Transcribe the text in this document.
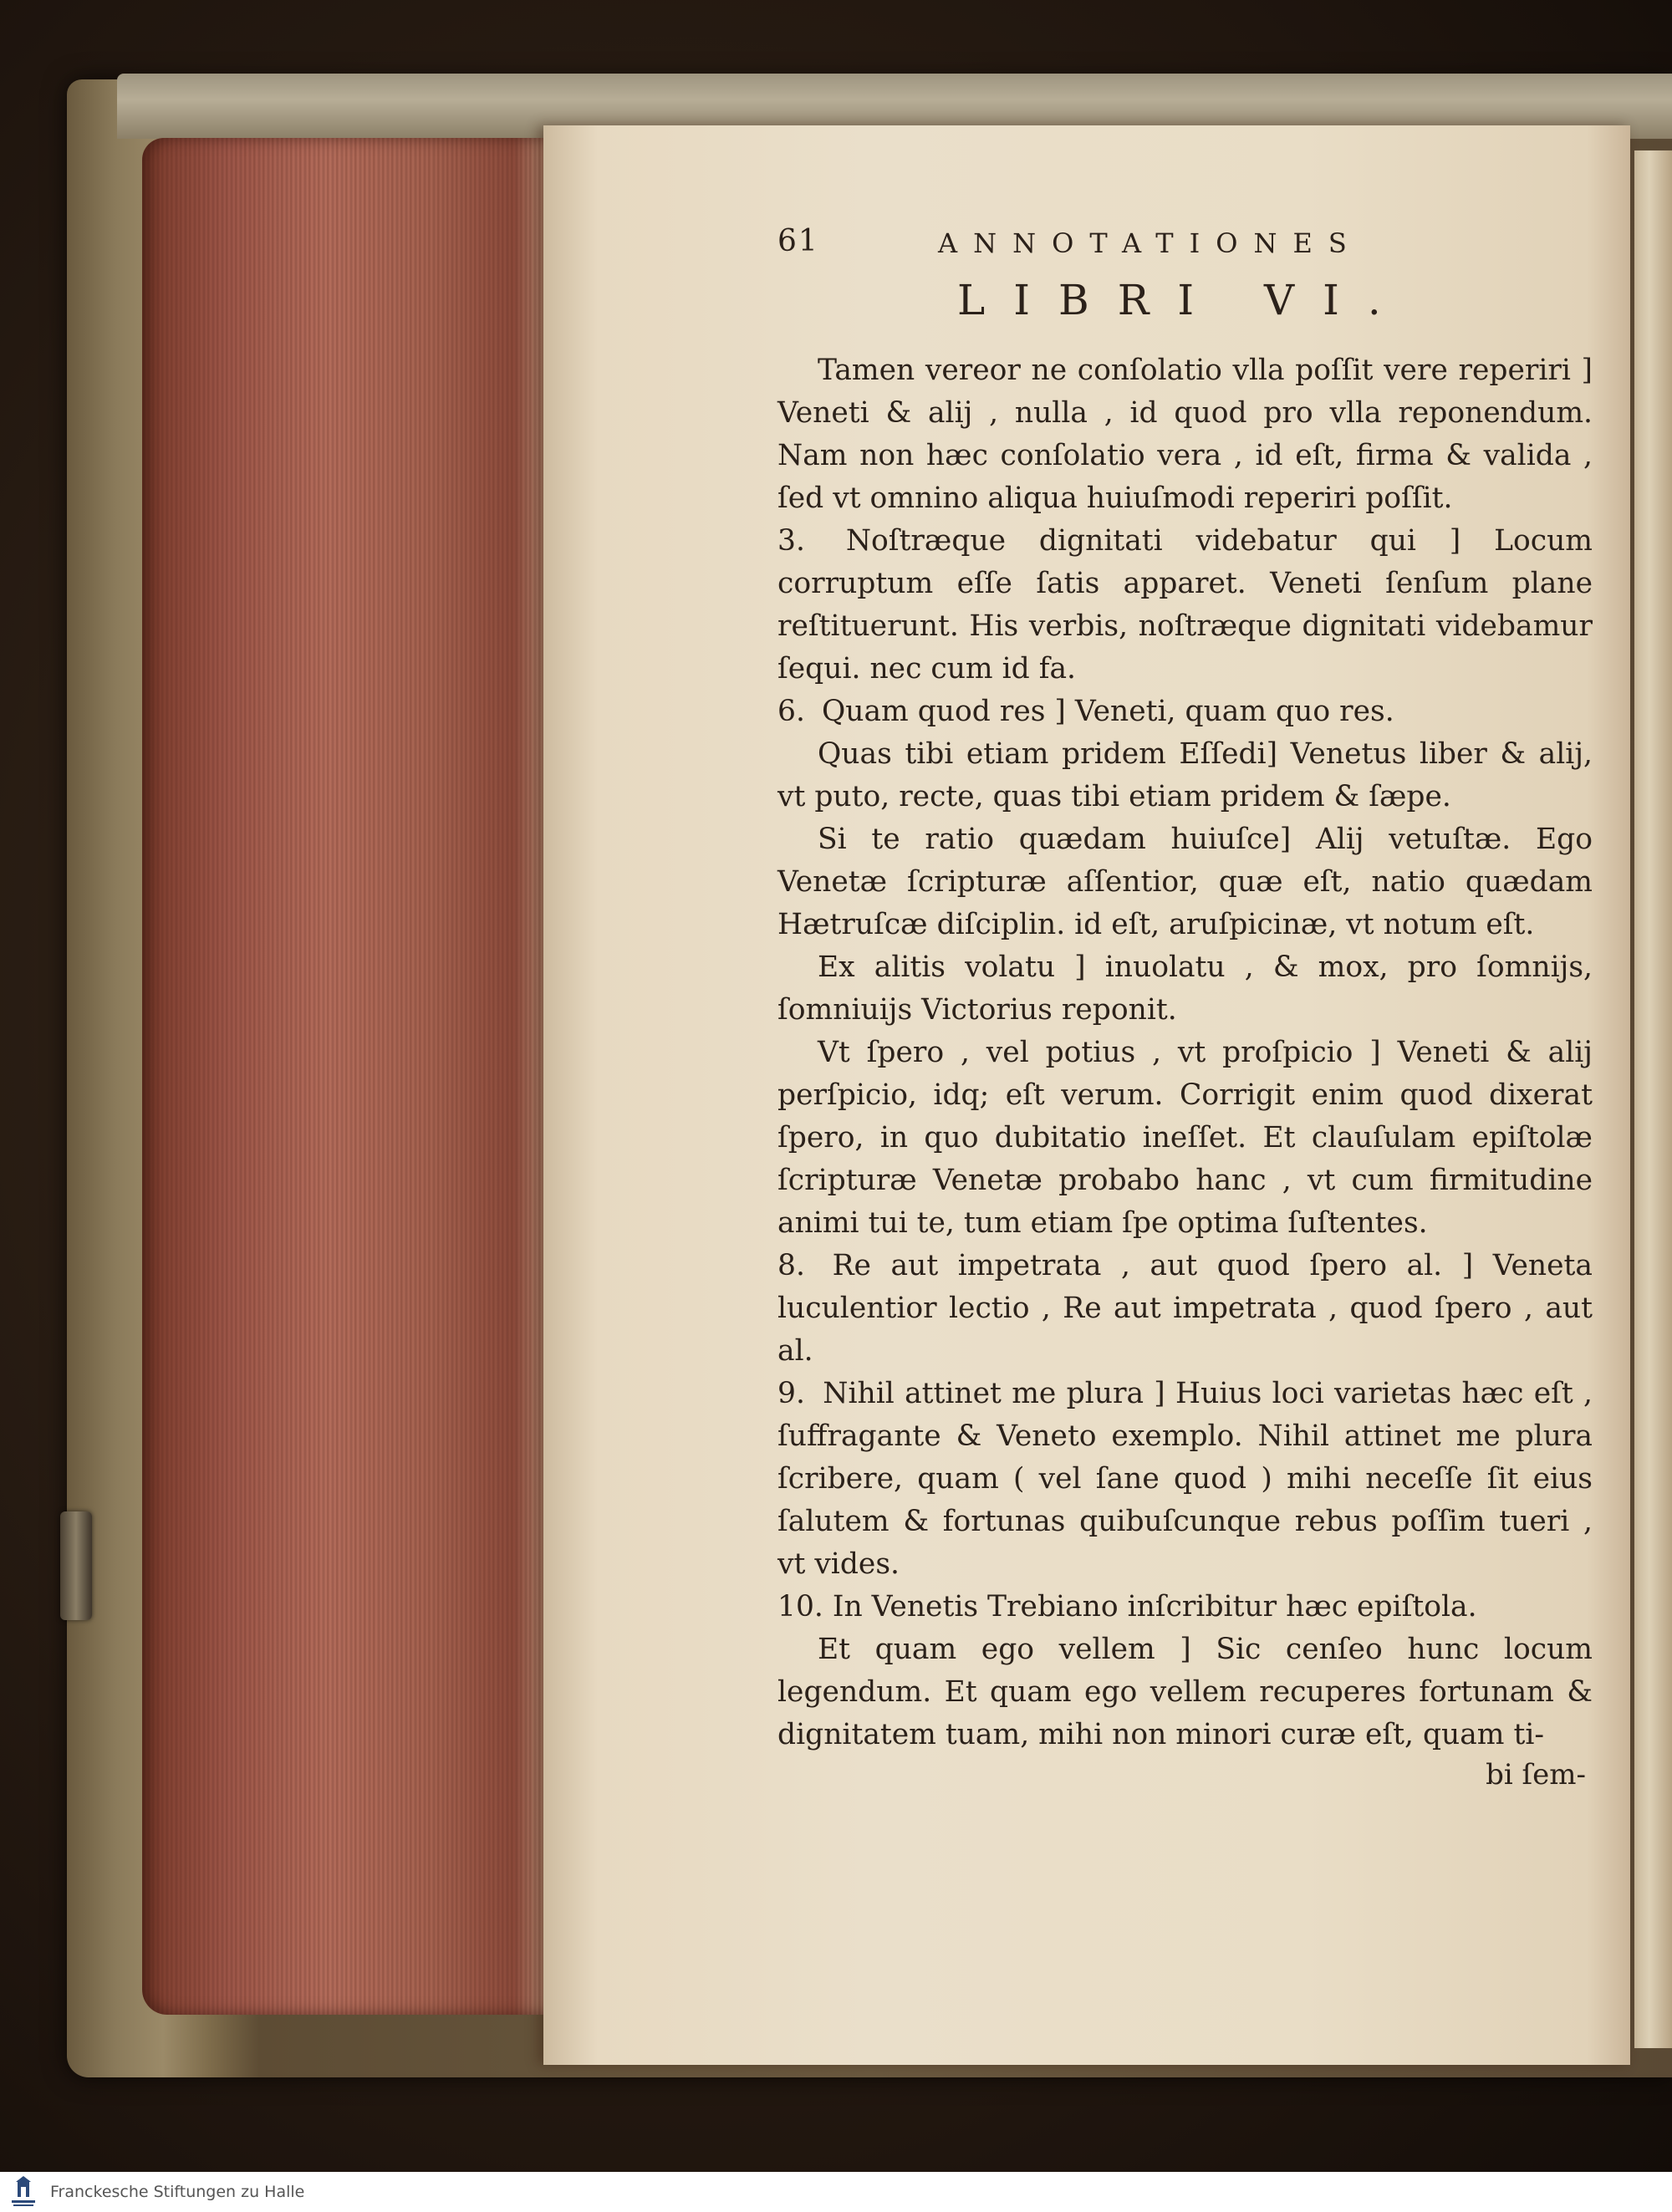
61	ANNOTATIONES
LIBRI VI.

Tamen vereor ne conſolatio vlla poſſit vere reperiri ] Veneti & alij , nulla , id quod pro vlla reponendum. Nam non hæc conſolatio vera , id eſt, firma & valida , ſed vt omnino aliqua huiuſmodi reperiri poſſit.

3. Noſtræque dignitati videbatur qui ] Locum corruptum eſſe ſatis apparet. Veneti ſenſum plane reſtituerunt. His verbis, noſtræque dignitati videbamur ſequi. nec cum id fa.

6. Quam quod res ] Veneti, quam quo res.

Quas tibi etiam pridem Eſſedi] Venetus liber & alij, vt puto, recte, quas tibi etiam pridem & ſæpe.

Si te ratio quædam huiuſce] Alij vetuſtæ. Ego Venetæ ſcripturæ aſſentior, quæ eſt, natio quædam Hætruſcæ diſciplin. id eſt, aruſpicinæ, vt notum eſt.

Ex alitis volatu ] inuolatu , & mox, pro ſomnijs, ſomniuijs Victorius reponit.

Vt ſpero , vel potius , vt proſpicio ] Veneti & alij perſpicio, idq; eſt verum. Corrigit enim quod dixerat ſpero, in quo dubitatio ineſſet. Et clauſulam epiſtolæ ſcripturæ Venetæ probabo hanc , vt cum firmitudine animi tui te, tum etiam ſpe optima ſuſtentes.

8. Re aut impetrata , aut quod ſpero al. ] Veneta luculentior lectio , Re aut impetrata , quod ſpero , aut al.

9. Nihil attinet me plura ] Huius loci varietas hæc eſt , ſuffragante & Veneto exemplo. Nihil attinet me plura ſcribere, quam ( vel ſane quod ) mihi neceſſe ſit eius ſalutem & fortunas quibuſcunque rebus poſſim tueri , vt vides.

10. In Venetis Trebiano inſcribitur hæc epiſtola.

Et quam ego vellem ] Sic cenſeo hunc locum legendum. Et quam ego vellem recuperes fortunam & dignitatem tuam, mihi non minori curæ eſt, quam ti-

bi ſem-
Franckesche Stiftungen zu Halle
